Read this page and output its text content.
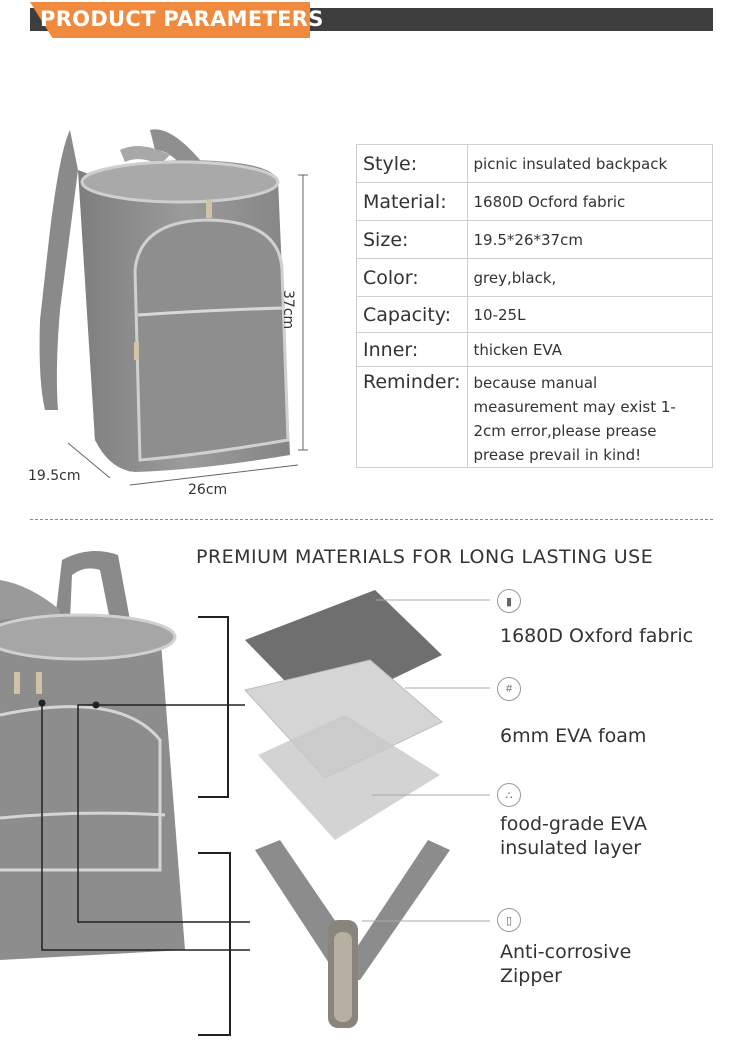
PRODUCT PARAMETERS
37cm
19.5cm
26cm
Style:	picnic insulated backpack
Material:	1680D Ocford fabric
Size:	19.5*26*37cm
Color:	grey,black,
Capacity:	10-25L
Inner:	thicken EVA
Reminder:	because manual measurement may exist 1-2cm error,please prease prease prevail in kind!
PREMIUM MATERIALS FOR LONG LASTING USE
▮
1680D Oxford fabric
#
6mm EVA foam
∴
food-grade EVA insulated layer
▯
Anti-corrosive Zipper
